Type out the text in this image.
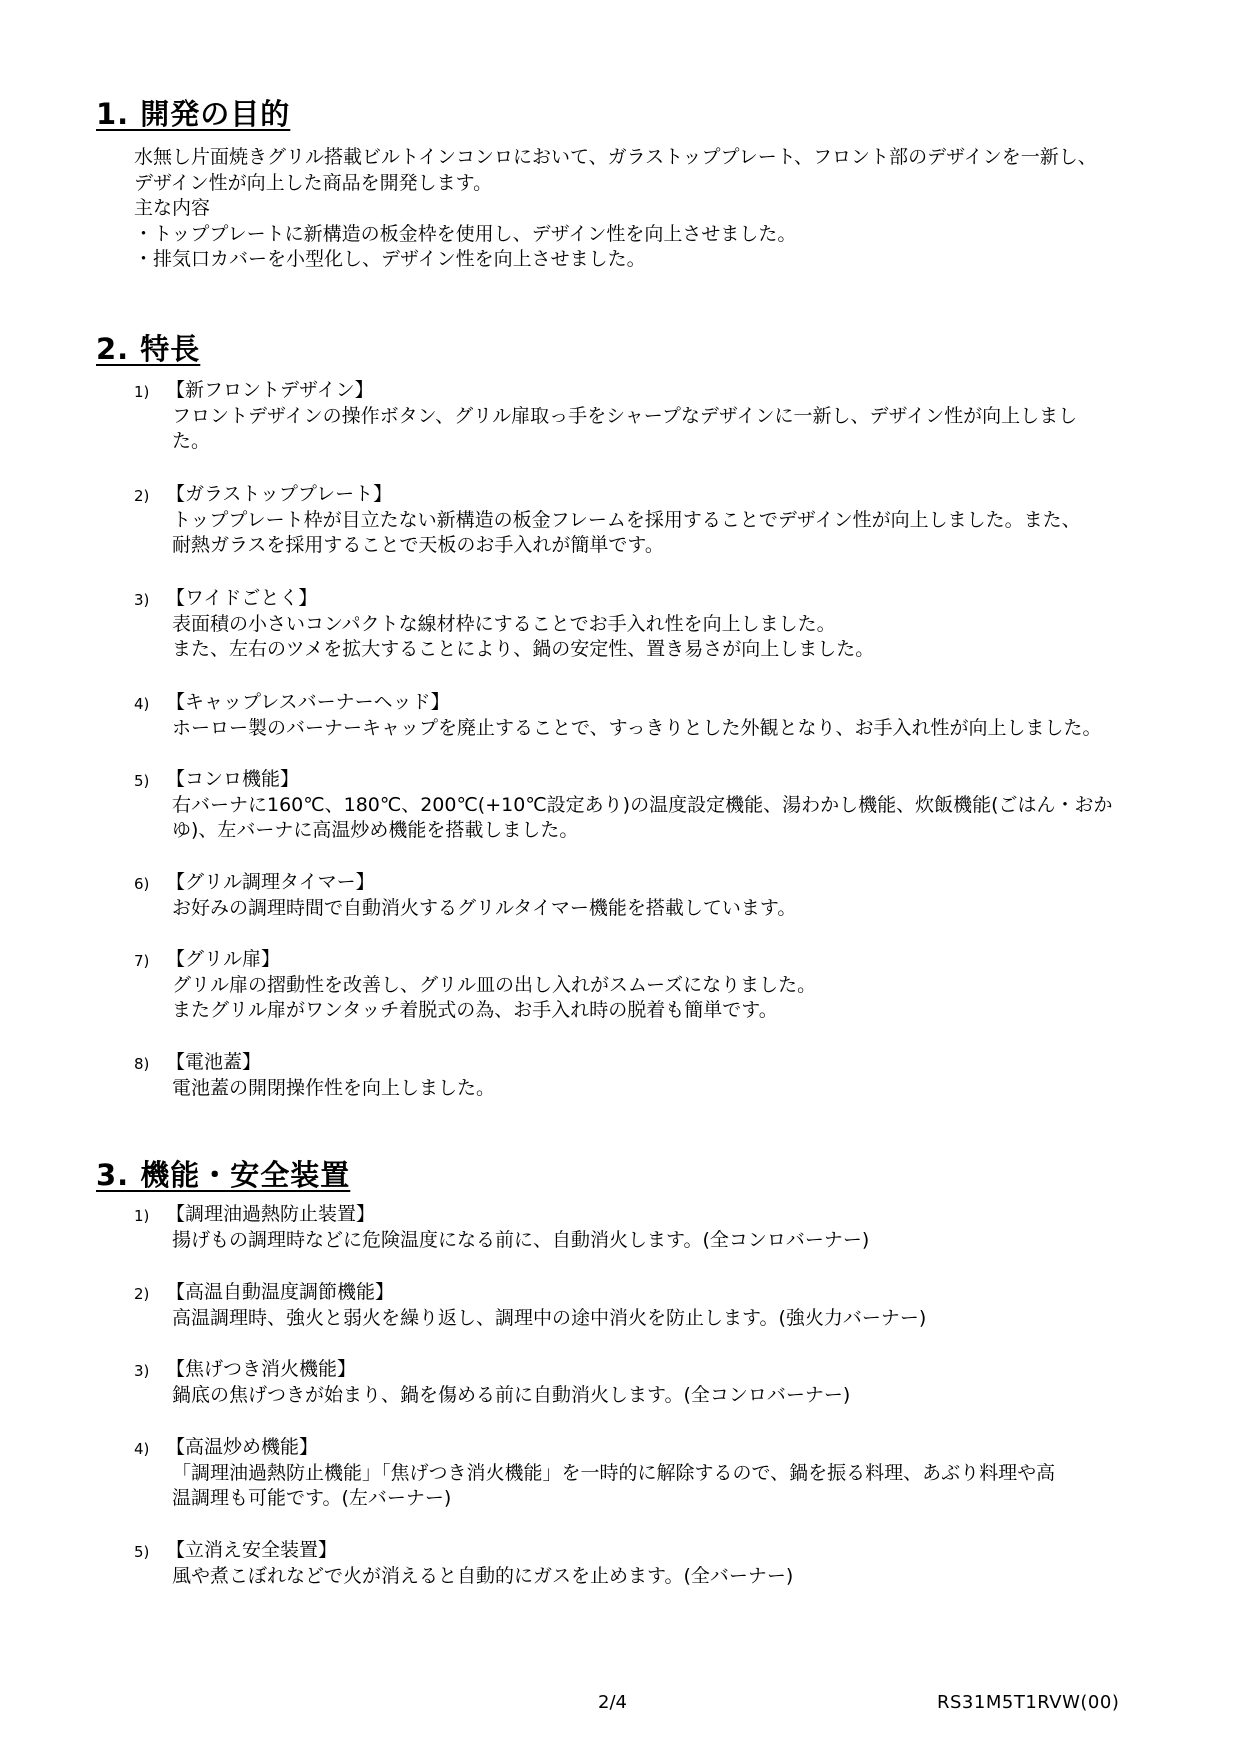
1. 開発の目的
水無し片面焼きグリル搭載ビルトインコンロにおいて、ガラストッププレート、フロント部のデザインを一新し、
デザイン性が向上した商品を開発します。
主な内容
・トッププレートに新構造の板金枠を使用し、デザイン性を向上させました。
・排気口カバーを小型化し、デザイン性を向上させました。
2. 特長
1) 【新フロントデザイン】
フロントデザインの操作ボタン、グリル扉取っ手をシャープなデザインに一新し、デザイン性が向上しまし
た。
2) 【ガラストッププレート】
トッププレート枠が目立たない新構造の板金フレームを採用することでデザイン性が向上しました。また、
耐熱ガラスを採用することで天板のお手入れが簡単です。
3) 【ワイドごとく】
表面積の小さいコンパクトな線材枠にすることでお手入れ性を向上しました。
また、左右のツメを拡大することにより、鍋の安定性、置き易さが向上しました。
4) 【キャップレスバーナーヘッド】
ホーロー製のバーナーキャップを廃止することで、すっきりとした外観となり、お手入れ性が向上しました。
5) 【コンロ機能】
右バーナに160℃、180℃、200℃(+10℃設定あり)の温度設定機能、湯わかし機能、炊飯機能(ごはん・おか
ゆ)、左バーナに高温炒め機能を搭載しました。
6) 【グリル調理タイマー】
お好みの調理時間で自動消火するグリルタイマー機能を搭載しています。
7) 【グリル扉】
グリル扉の摺動性を改善し、グリル皿の出し入れがスムーズになりました。
またグリル扉がワンタッチ着脱式の為、お手入れ時の脱着も簡単です。
8) 【電池蓋】
電池蓋の開閉操作性を向上しました。
3. 機能・安全装置
1) 【調理油過熱防止装置】
揚げもの調理時などに危険温度になる前に、自動消火します。(全コンロバーナー)
2) 【高温自動温度調節機能】
高温調理時、強火と弱火を繰り返し、調理中の途中消火を防止します。(強火力バーナー)
3) 【焦げつき消火機能】
鍋底の焦げつきが始まり、鍋を傷める前に自動消火します。(全コンロバーナー)
4) 【高温炒め機能】
「調理油過熱防止機能」「焦げつき消火機能」を一時的に解除するので、鍋を振る料理、あぶり料理や高
温調理も可能です。(左バーナー)
5) 【立消え安全装置】
風や煮こぼれなどで火が消えると自動的にガスを止めます。(全バーナー)
2/4	RS31M5T1RVW(00)
